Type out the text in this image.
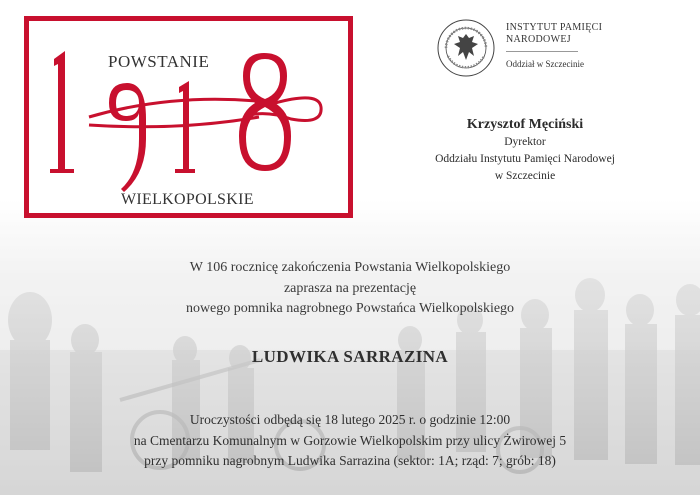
POWSTANIE
WIELKOPOLSKIE
INSTYTUT PAMIĘCI
NARODOWEJ
Oddział w Szczecinie
Krzysztof Męciński
Dyrektor
Oddziału Instytutu Pamięci Narodowej
w Szczecinie
W 106 rocznicę zakończenia Powstania Wielkopolskiego
zaprasza na prezentację
nowego pomnika nagrobnego Powstańca Wielkopolskiego
LUDWIKA SARRAZINA
Uroczystości odbędą się 18 lutego 2025 r. o godzinie 12:00
na Cmentarzu Komunalnym w Gorzowie Wielkopolskim przy ulicy Żwirowej 5
przy pomniku nagrobnym Ludwika Sarrazina (sektor: 1A; rząd: 7; grób: 18)
